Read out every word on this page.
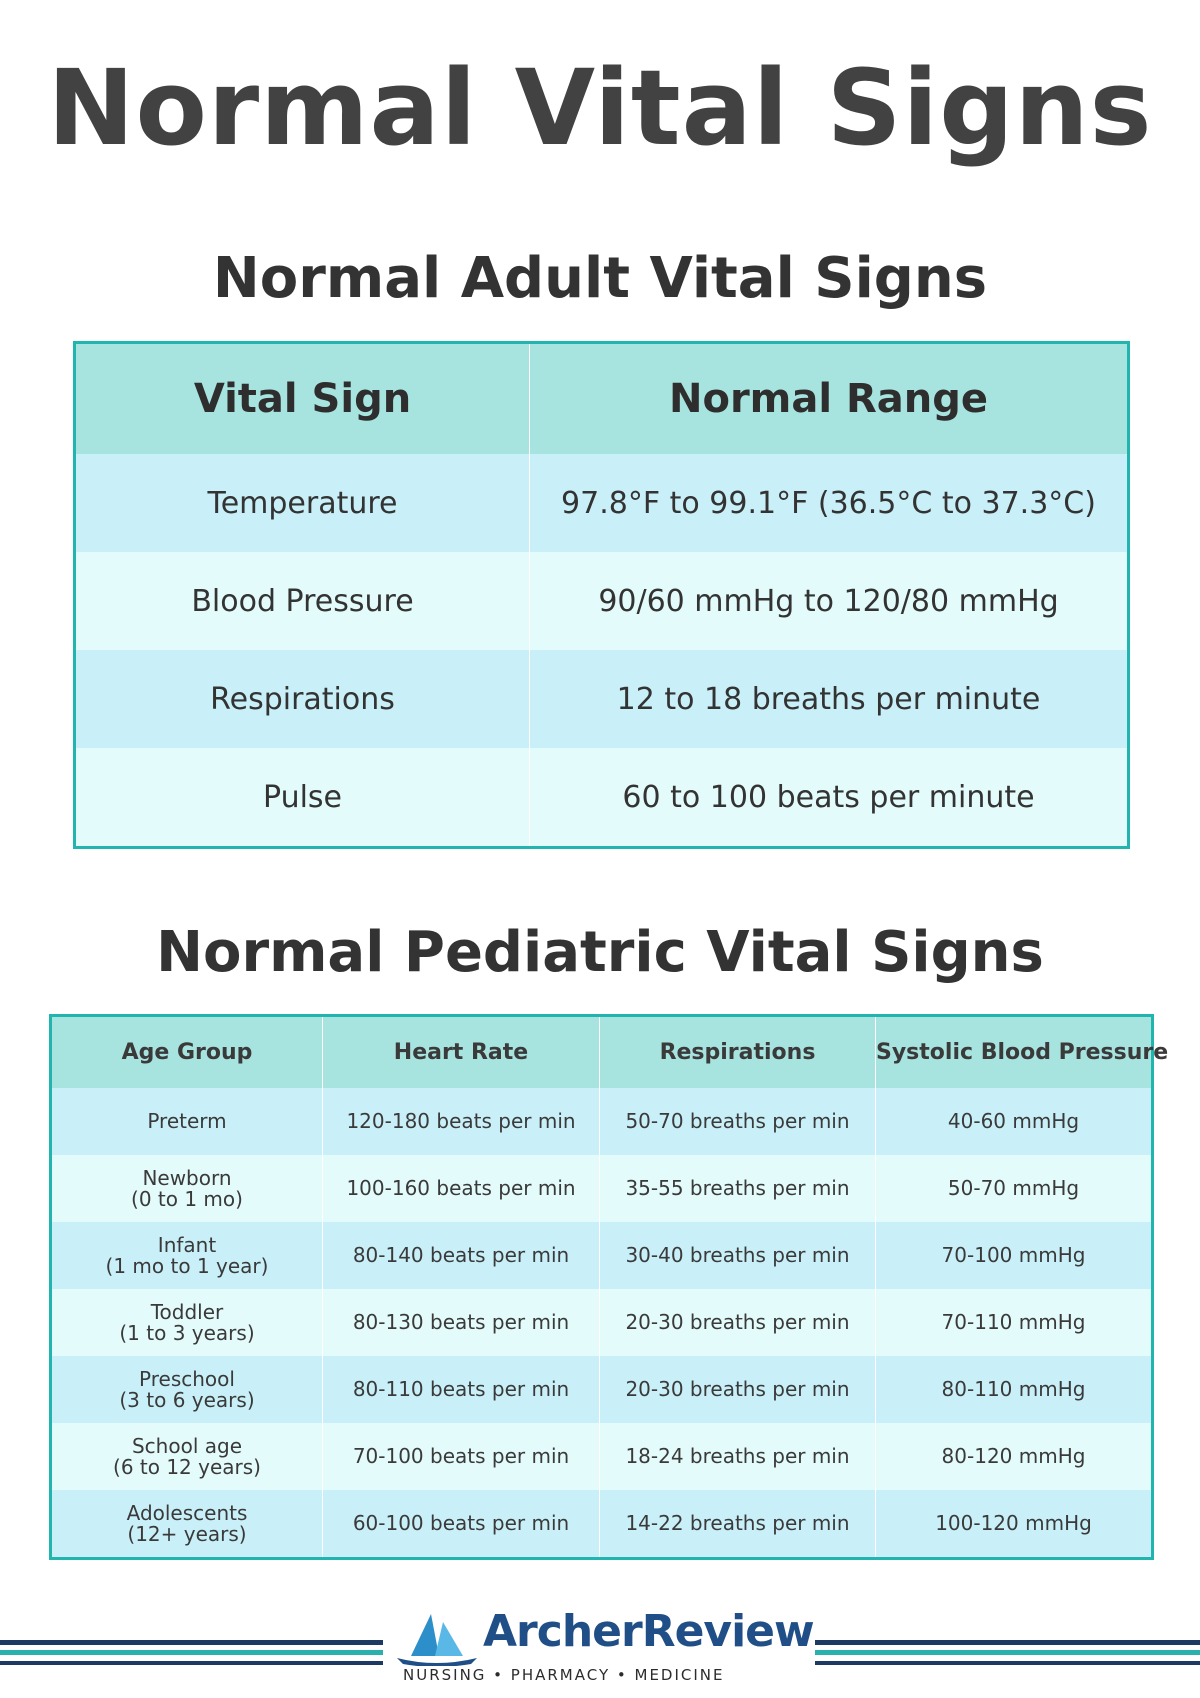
Normal Vital Signs
Normal Adult Vital Signs
Vital Sign	Normal Range
Temperature	97.8°F to 99.1°F (36.5°C to 37.3°C)
Blood Pressure	90/60 mmHg to 120/80 mmHg
Respirations	12 to 18 breaths per minute
Pulse	60 to 100 beats per minute
Normal Pediatric Vital Signs
Age Group	Heart Rate	Respirations	Systolic Blood Pressure

Preterm	120-180 beats per min	50-70 breaths per min	40-60 mmHg

Newborn
(0 to 1 mo)	100-160 beats per min	35-55 breaths per min	50-70 mmHg

Infant
(1 mo to 1 year)	80-140 beats per min	30-40 breaths per min	70-100 mmHg

Toddler
(1 to 3 years)	80-130 beats per min	20-30 breaths per min	70-110 mmHg

Preschool
(3 to 6 years)	80-110 beats per min	20-30 breaths per min	80-110 mmHg

School age
(6 to 12 years)	70-100 beats per min	18-24 breaths per min	80-120 mmHg

Adolescents
(12+ years)	60-100 beats per min	14-22 breaths per min	100-120 mmHg
ArcherReview
NURSING • PHARMACY • MEDICINE
